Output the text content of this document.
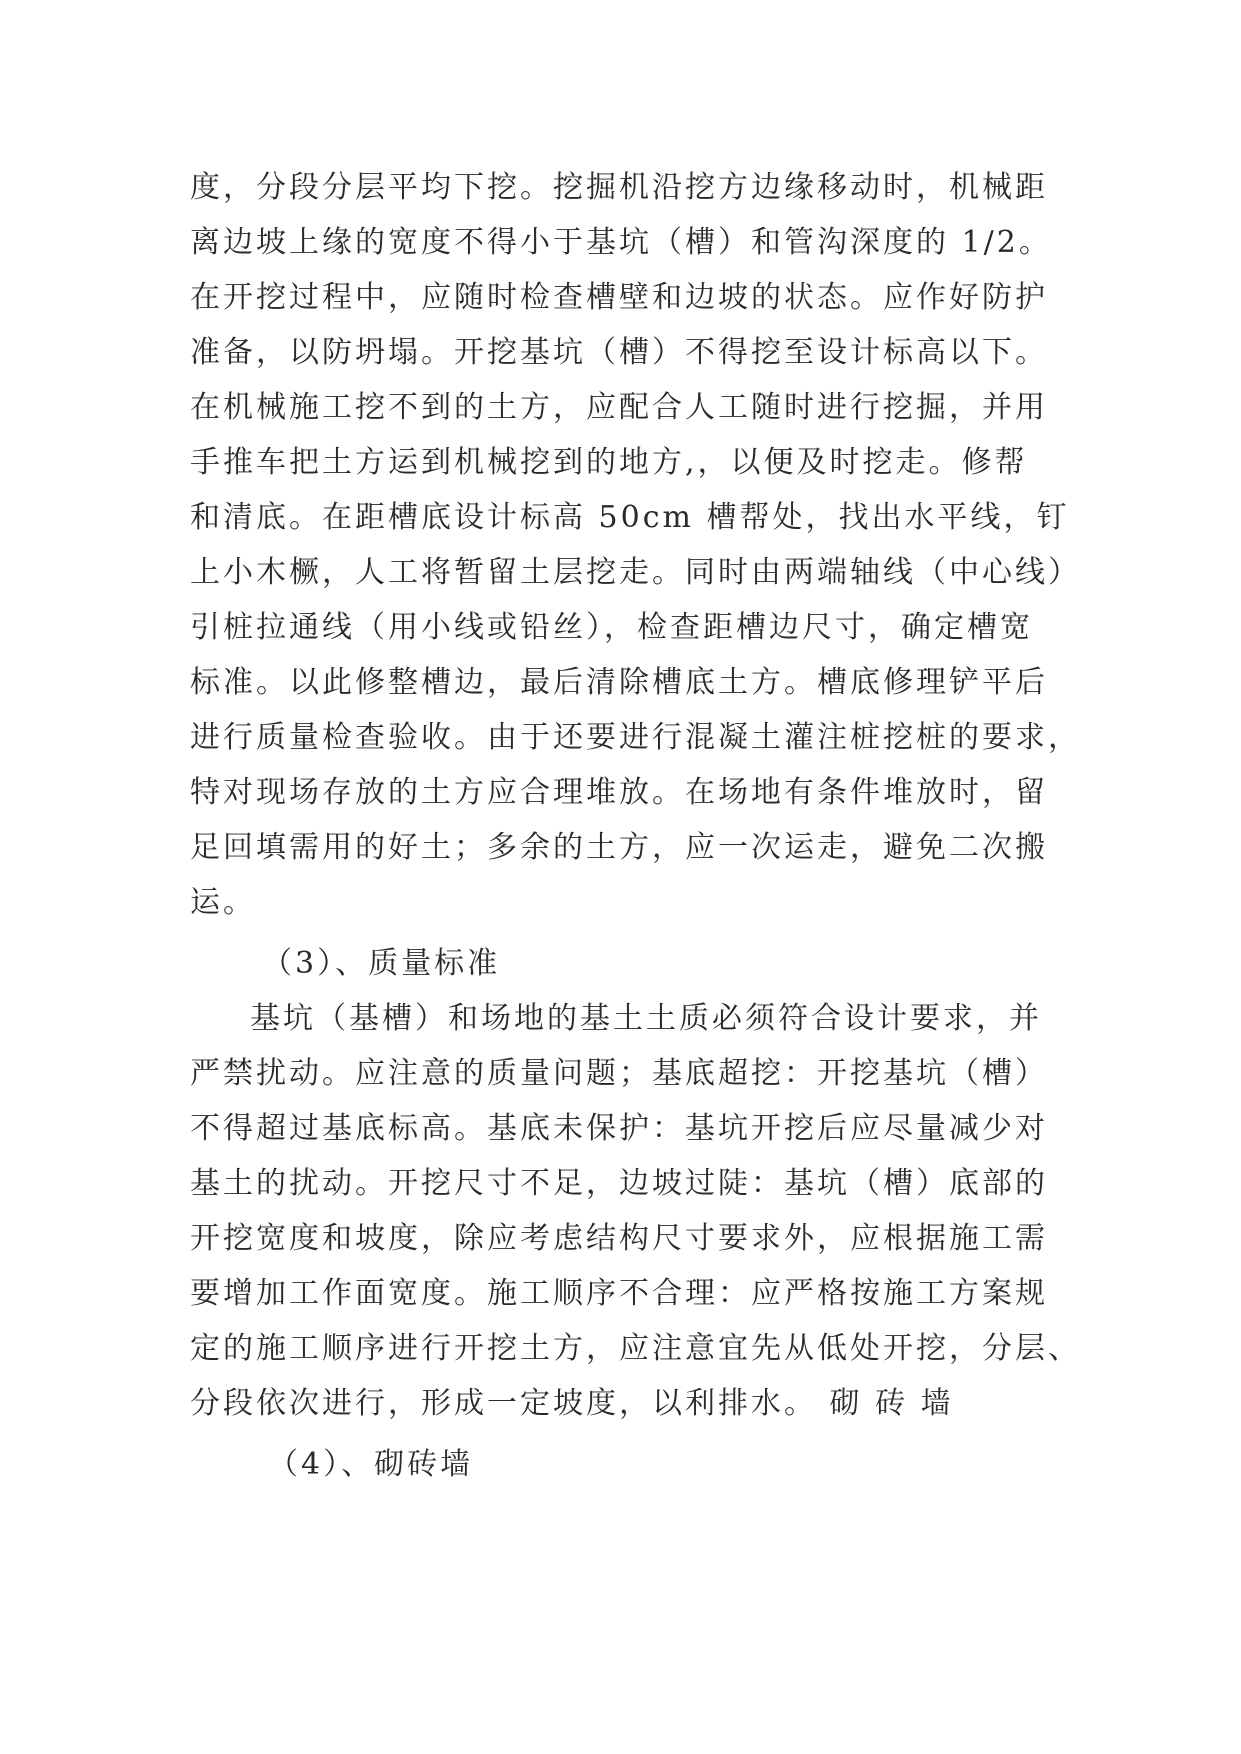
度，分段分层平均下挖。挖掘机沿挖方边缘移动时，机械距
离边坡上缘的宽度不得小于基坑（槽）和管沟深度的 1/2。
在开挖过程中，应随时检查槽壁和边坡的状态。应作好防护
准备，以防坍塌。开挖基坑（槽）不得挖至设计标高以下。
在机械施工挖不到的土方，应配合人工随时进行挖掘，并用
手推车把土方运到机械挖到的地方,，以便及时挖走。修帮
和清底。在距槽底设计标高 50cm 槽帮处，找出水平线，钉
上小木橛，人工将暂留土层挖走。同时由两端轴线（中心线）
引桩拉通线（用小线或铅丝），检查距槽边尺寸，确定槽宽
标准。以此修整槽边，最后清除槽底土方。槽底修理铲平后
进行质量检查验收。由于还要进行混凝土灌注桩挖桩的要求，
特对现场存放的土方应合理堆放。在场地有条件堆放时，留
足回填需用的好土；多余的土方，应一次运走，避免二次搬
运。
（3）、质量标准
基坑（基槽）和场地的基土土质必须符合设计要求，并
严禁扰动。应注意的质量问题；基底超挖：开挖基坑（槽）
不得超过基底标高。基底未保护：基坑开挖后应尽量减少对
基土的扰动。开挖尺寸不足，边坡过陡：基坑（槽）底部的
开挖宽度和坡度，除应考虑结构尺寸要求外，应根据施工需
要增加工作面宽度。施工顺序不合理：应严格按施工方案规
定的施工顺序进行开挖土方，应注意宜先从低处开挖，分层、
分段依次进行，形成一定坡度，以利排水。 砌 砖 墙
（4）、砌砖墙
